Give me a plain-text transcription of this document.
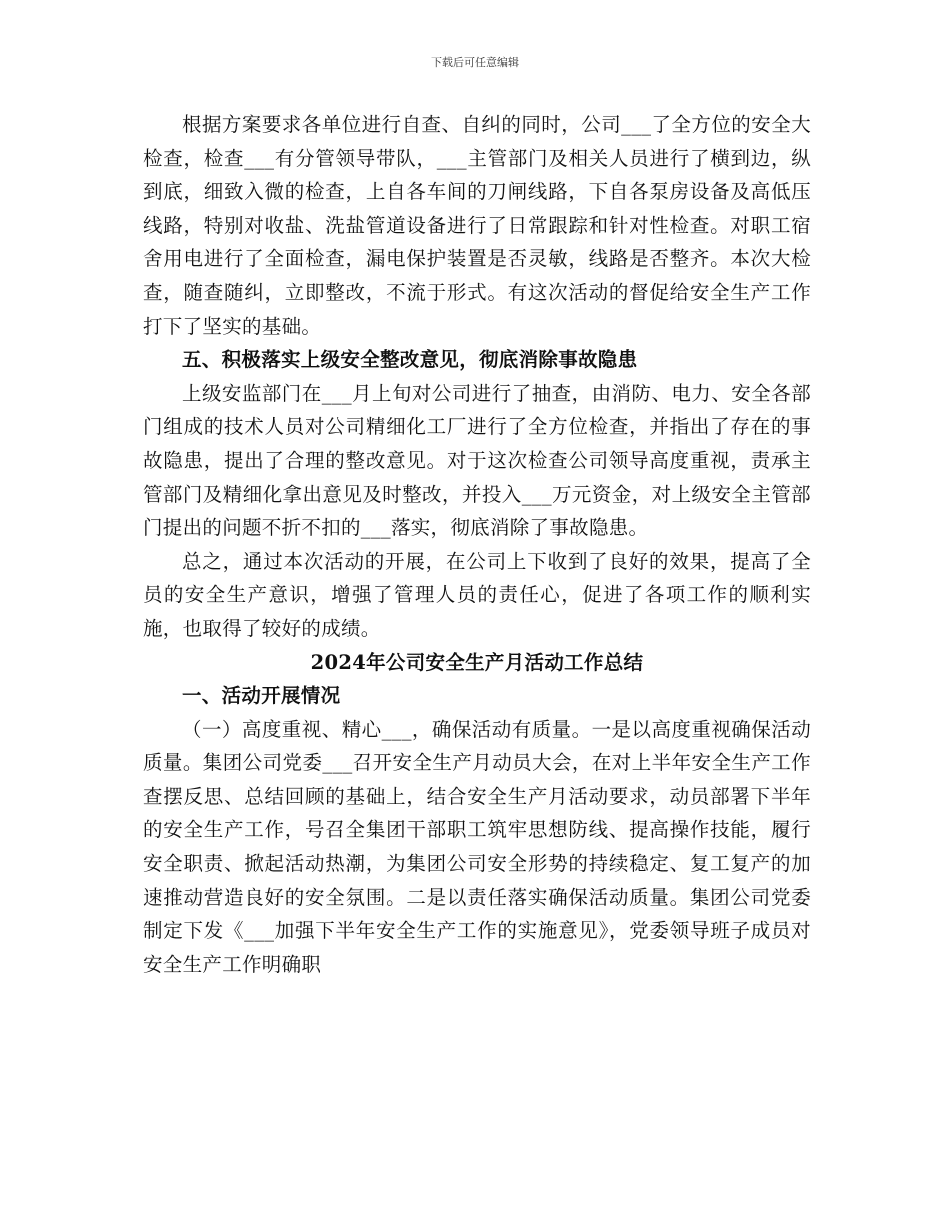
下载后可任意编辑

根据方案要求各单位进行自查、自纠的同时，公司___了全方位的安全大检查，检查___有分管领导带队，___主管部门及相关人员进行了横到边，纵到底，细致入微的检查，上自各车间的刀闸线路，下自各泵房设备及高低压线路，特别对收盐、洗盐管道设备进行了日常跟踪和针对性检查。对职工宿舍用电进行了全面检查，漏电保护装置是否灵敏，线路是否整齐。本次大检查，随查随纠，立即整改，不流于形式。有这次活动的督促给安全生产工作打下了坚实的基础。

五、积极落实上级安全整改意见，彻底消除事故隐患

上级安监部门在___月上旬对公司进行了抽查，由消防、电力、安全各部门组成的技术人员对公司精细化工厂进行了全方位检查，并指出了存在的事故隐患，提出了合理的整改意见。对于这次检查公司领导高度重视，责承主管部门及精细化拿出意见及时整改，并投入___万元资金，对上级安全主管部门提出的问题不折不扣的___落实，彻底消除了事故隐患。

总之，通过本次活动的开展，在公司上下收到了良好的效果，提高了全员的安全生产意识，增强了管理人员的责任心，促进了各项工作的顺利实施，也取得了较好的成绩。

2024年公司安全生产月活动工作总结

一、活动开展情况

（一）高度重视、精心___，确保活动有质量。一是以高度重视确保活动质量。集团公司党委___召开安全生产月动员大会，在对上半年安全生产工作查摆反思、总结回顾的基础上，结合安全生产月活动要求，动员部署下半年的安全生产工作，号召全集团干部职工筑牢思想防线、提高操作技能，履行安全职责、掀起活动热潮，为集团公司安全形势的持续稳定、复工复产的加速推动营造良好的安全氛围。二是以责任落实确保活动质量。集团公司党委制定下发《___加强下半年安全生产工作的实施意见》，党委领导班子成员对安全生产工作明确职
